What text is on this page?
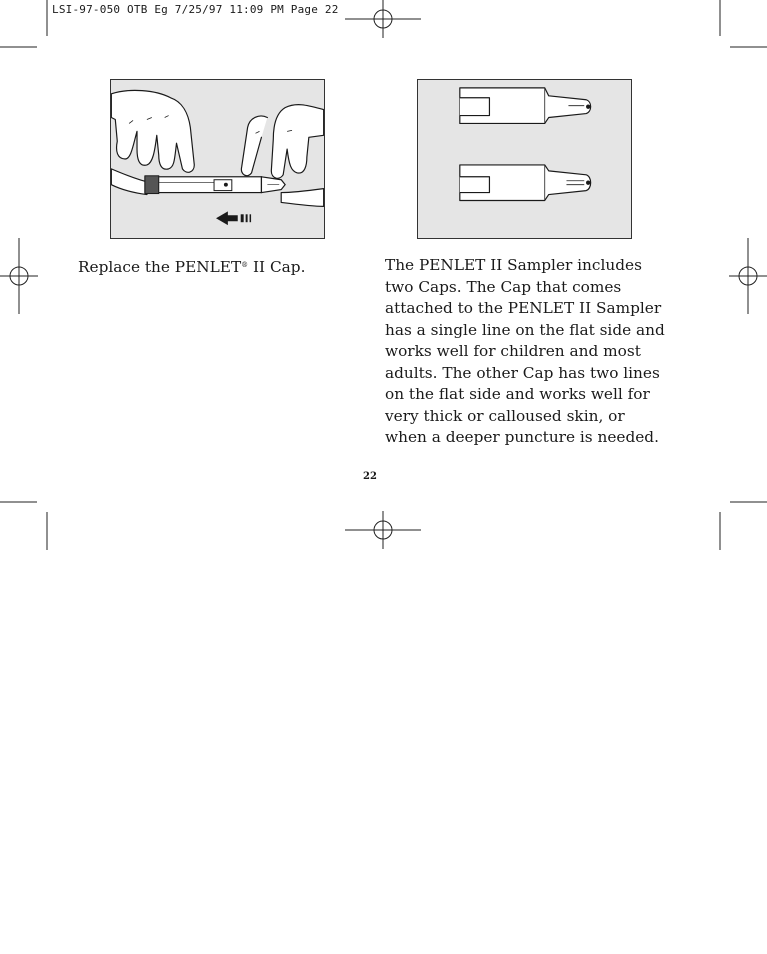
LSI-97-050 OTB Eg 7/25/97 11:09 PM Page 22

Replace the PENLET® II Cap.	The PENLET II Sampler includes two Caps. The Cap that comes attached to the PENLET II Sampler has a single line on the flat side and works well for children and most adults. The other Cap has two lines on the flat side and works well for very thick or calloused skin, or when a deeper puncture is needed.

22
